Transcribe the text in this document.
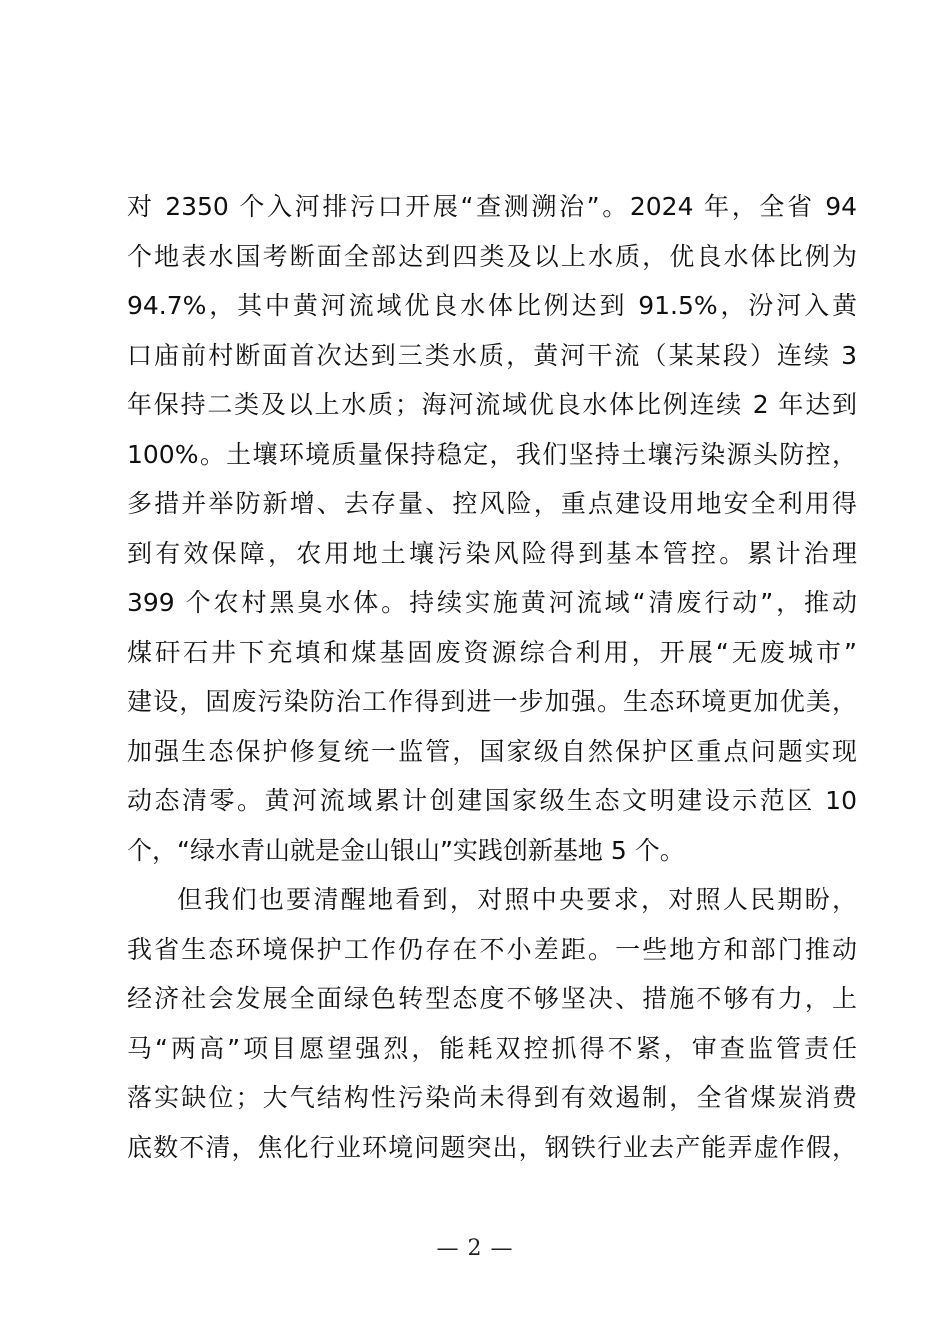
对 2350 个入河排污口开展“查测溯治”。2024 年，全省 94
个地表水国考断面全部达到四类及以上水质，优良水体比例为
94.7%，其中黄河流域优良水体比例达到 91.5%，汾河入黄
口庙前村断面首次达到三类水质，黄河干流（某某段）连续 3
年保持二类及以上水质；海河流域优良水体比例连续 2 年达到
100%。土壤环境质量保持稳定，我们坚持土壤污染源头防控，
多措并举防新增、去存量、控风险，重点建设用地安全利用得
到有效保障，农用地土壤污染风险得到基本管控。累计治理
399 个农村黑臭水体。持续实施黄河流域“清废行动”，推动
煤矸石井下充填和煤基固废资源综合利用，开展“无废城市”
建设，固废污染防治工作得到进一步加强。生态环境更加优美，
加强生态保护修复统一监管，国家级自然保护区重点问题实现
动态清零。黄河流域累计创建国家级生态文明建设示范区 10
个，“绿水青山就是金山银山”实践创新基地 5 个。
但我们也要清醒地看到，对照中央要求，对照人民期盼，
我省生态环境保护工作仍存在不小差距。一些地方和部门推动
经济社会发展全面绿色转型态度不够坚决、措施不够有力，上
马“两高”项目愿望强烈，能耗双控抓得不紧，审查监管责任
落实缺位；大气结构性污染尚未得到有效遏制，全省煤炭消费
底数不清，焦化行业环境问题突出，钢铁行业去产能弄虚作假，
— 2 —
